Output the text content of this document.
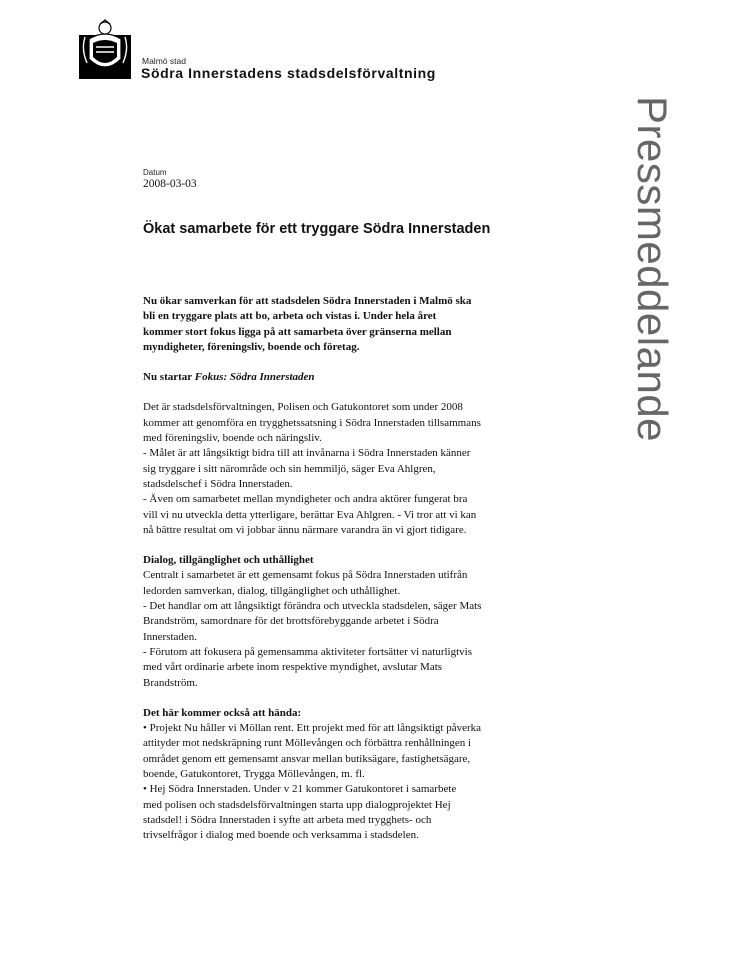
Malmö stad
Södra Innerstadens stadsdelsförvaltning
Pressmeddelande
Datum
2008-03-03
Ökat samarbete för ett tryggare Södra Innerstaden

Nu ökar samverkan för att stadsdelen Södra Innerstaden i Malmö ska

bli en tryggare plats att bo, arbeta och vistas i. Under hela året

kommer stort fokus ligga på att samarbeta över gränserna mellan

myndigheter, föreningsliv, boende och företag.

Nu startar Fokus: Södra Innerstaden

Det är stadsdelsförvaltningen, Polisen och Gatukontoret som under 2008

kommer att genomföra en trygghetssatsning i Södra Innerstaden tillsammans

med föreningsliv, boende och näringsliv.

- Målet är att långsiktigt bidra till att invånarna i Södra Innerstaden känner

sig tryggare i sitt närområde och sin hemmiljö, säger Eva Ahlgren,

stadsdelschef i Södra Innerstaden.

- Även om samarbetet mellan myndigheter och andra aktörer fungerat bra

vill vi nu utveckla detta ytterligare, berättar Eva Ahlgren. - Vi tror att vi kan

nå bättre resultat om vi jobbar ännu närmare varandra än vi gjort tidigare.

Dialog, tillgänglighet och uthållighet

Centralt i samarbetet är ett gemensamt fokus på Södra Innerstaden utifrån

ledorden samverkan, dialog, tillgänglighet och uthållighet.

- Det handlar om att långsiktigt förändra och utveckla stadsdelen, säger Mats

Brandström, samordnare för det brottsförebyggande arbetet i Södra

Innerstaden.

- Förutom att fokusera på gemensamma aktiviteter fortsätter vi naturligtvis

med vårt ordinarie arbete inom respektive myndighet, avslutar Mats

Brandström.

Det här kommer också att hända:

• Projekt Nu håller vi Möllan rent. Ett projekt med för att långsiktigt påverka

attityder mot nedskräpning runt Möllevången och förbättra renhållningen i

området genom ett gemensamt ansvar mellan butiksägare, fastighetsägare,

boende, Gatukontoret, Trygga Möllevången, m. fl.

• Hej Södra Innerstaden. Under v 21 kommer Gatukontoret i samarbete

med polisen och stadsdelsförvaltningen starta upp dialogprojektet Hej

stadsdel! i Södra Innerstaden i syfte att arbeta med trygghets- och

trivselfrågor i dialog med boende och verksamma i stadsdelen.
